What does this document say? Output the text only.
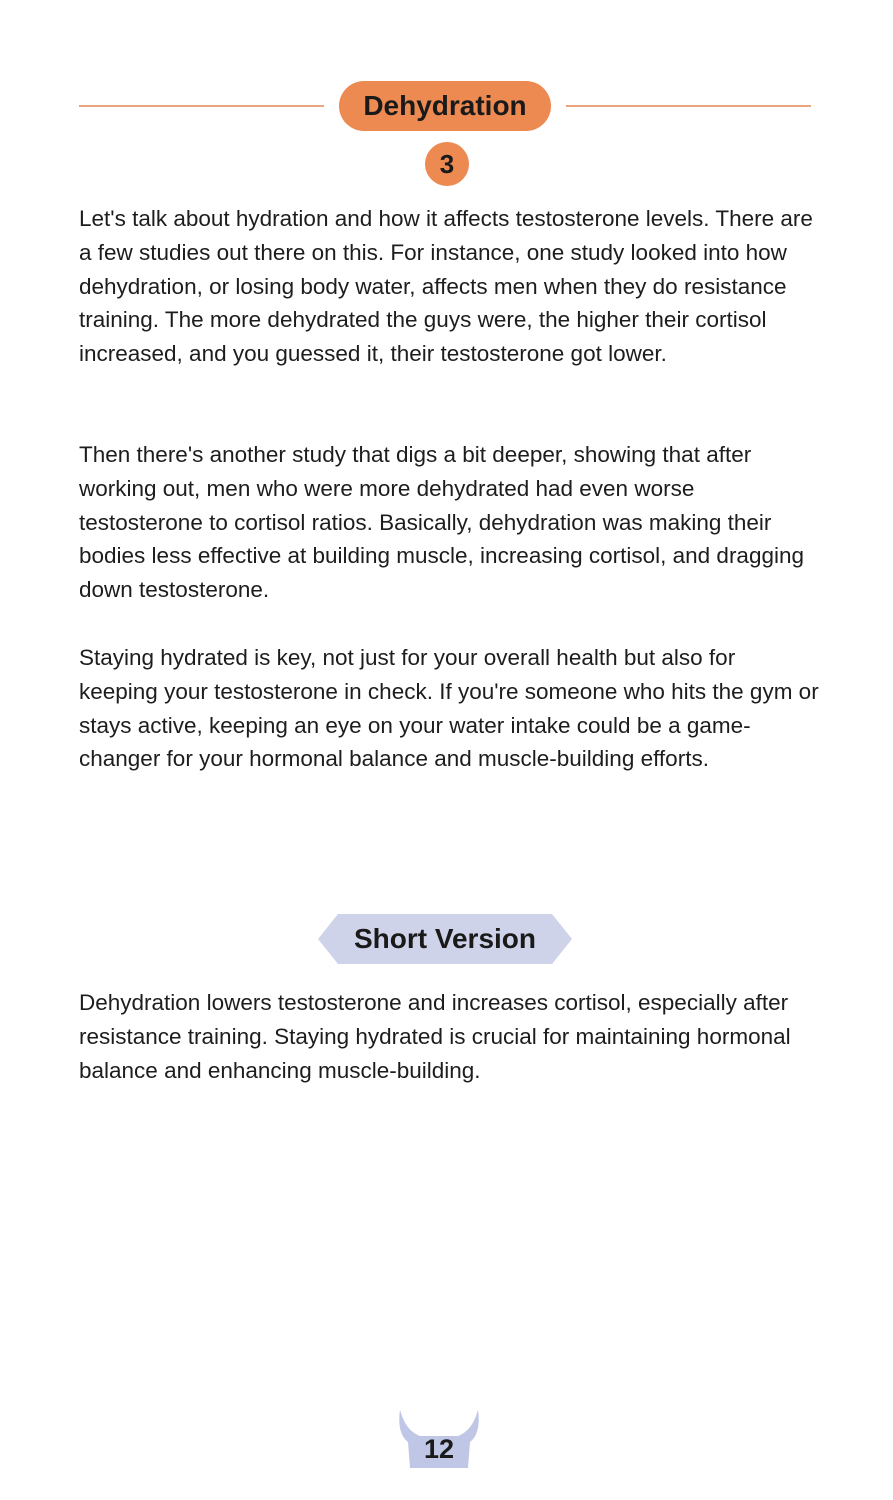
Dehydration
3

Let's talk about hydration and how it affects testosterone levels. There are a few studies out there on this. For instance, one study looked into how dehydration, or losing body water, affects men when they do resistance training. The more dehydrated the guys were, the higher their cortisol increased, and you guessed it, their testosterone got lower.

Then there's another study that digs a bit deeper, showing that after working out, men who were more dehydrated had even worse testosterone to cortisol ratios. Basically, dehydration was making their bodies less effective at building muscle, increasing cortisol, and dragging down testosterone.

Staying hydrated is key, not just for your overall health but also for keeping your testosterone in check. If you're someone who hits the gym or stays active, keeping an eye on your water intake could be a game-changer for your hormonal balance and muscle-building efforts.

Short Version

Dehydration lowers testosterone and increases cortisol, especially after resistance training. Staying hydrated is crucial for maintaining hormonal balance and enhancing muscle-building.

12
